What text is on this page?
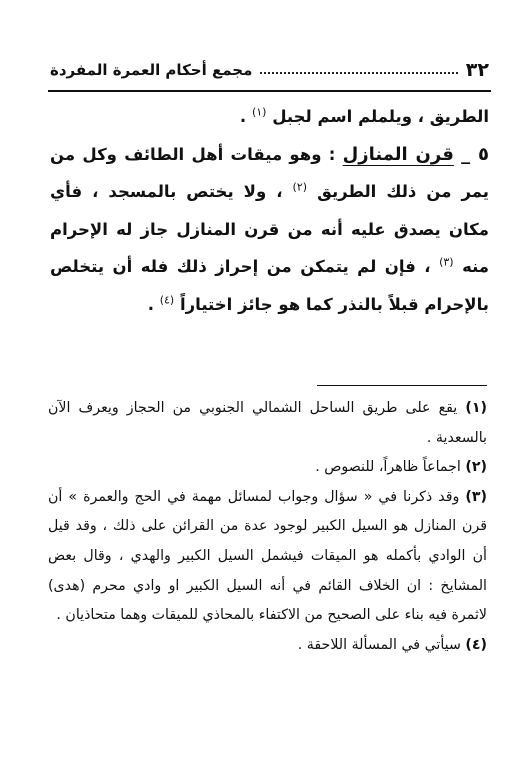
٣٢
مجمع أحكام العمرة المفردة

الطريق ، ويلملم اسم لجبل $^{(١)}$ .

٥ _ قرن المنازل : وهو ميقات أهل الطائف وكل من يمر من ذلك الطريق $^{(٢)}$ ، ولا يختص بالمسجد ، فأي مكان يصدق عليه أنه من قرن المنازل جاز له الإحرام منه $^{(٣)}$ ، فإن لم يتمكن من إحراز ذلك فله أن يتخلص بالإحرام قبلاً بالنذر كما هو جائز اختياراً $^{(٤)}$ .

(١) يقع على طريق الساحل الشمالي الجنوبي من الحجاز ويعرف الآن بالسعدية .

(٢) اجماعاً ظاهراً، للنصوص .

(٣) وقد ذكرنا في « سؤال وجواب لمسائل مهمة في الحج والعمرة » أن قرن المنازل هو السيل الكبير لوجود عدة من القرائن على ذلك ، وقد قيل أن الوادي بأكمله هو الميقات فيشمل السيل الكبير والهدي ، وقال بعض المشايخ : ان الخلاف القائم في أنه السيل الكبير او وادي محرم (هدى) لاثمرة فيه بناء على الصحيح من الاكتفاء بالمحاذي للميقات وهما متحاذيان .

(٤) سيأتي في المسألة اللاحقة .
